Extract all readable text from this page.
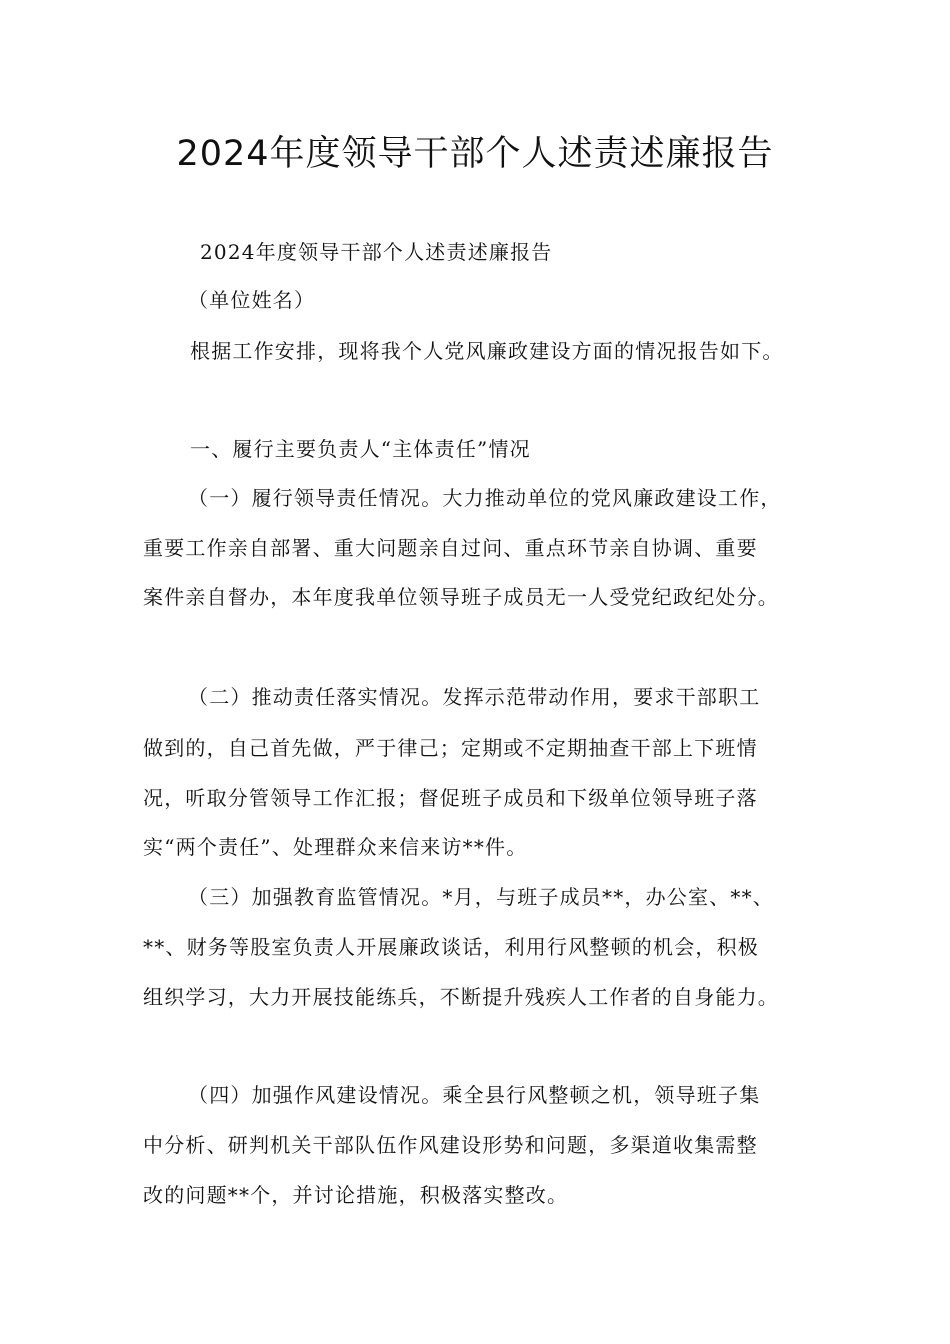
2024年度领导干部个人述责述廉报告

2024年度领导干部个人述责述廉报告

（单位姓名）

根据工作安排，现将我个人党风廉政建设方面的情况报告如下。

一、履行主要负责人“主体责任”情况

（一）履行领导责任情况。大力推动单位的党风廉政建设工作，

重要工作亲自部署、重大问题亲自过问、重点环节亲自协调、重要

案件亲自督办，本年度我单位领导班子成员无一人受党纪政纪处分。

（二）推动责任落实情况。发挥示范带动作用，要求干部职工

做到的，自己首先做，严于律己；定期或不定期抽查干部上下班情

况，听取分管领导工作汇报；督促班子成员和下级单位领导班子落

实“两个责任”、处理群众来信来访**件。

（三）加强教育监管情况。*月，与班子成员**，办公室、**、

**、财务等股室负责人开展廉政谈话，利用行风整顿的机会，积极

组织学习，大力开展技能练兵，不断提升残疾人工作者的自身能力。

（四）加强作风建设情况。乘全县行风整顿之机，领导班子集

中分析、研判机关干部队伍作风建设形势和问题，多渠道收集需整

改的问题**个，并讨论措施，积极落实整改。
